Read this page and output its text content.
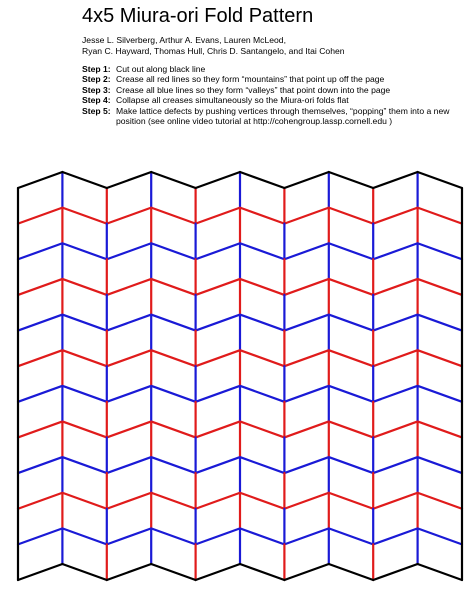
4x5 Miura-ori Fold Pattern
Jesse L. Silverberg, Arthur A. Evans, Lauren McLeod,
Ryan C. Hayward, Thomas Hull, Chris D. Santangelo, and Itai Cohen
Step 1: Cut out along black line
Step 2: Crease all red lines so they form “mountains” that point up off the page
Step 3: Crease all blue lines so they form “valleys” that point down into the page
Step 4: Collapse all creases simultaneously so the Miura-ori folds flat
Step 5: Make lattice defects by pushing vertices through themselves, “popping” them into a new position (see online video tutorial at http://cohengroup.lassp.cornell.edu )
